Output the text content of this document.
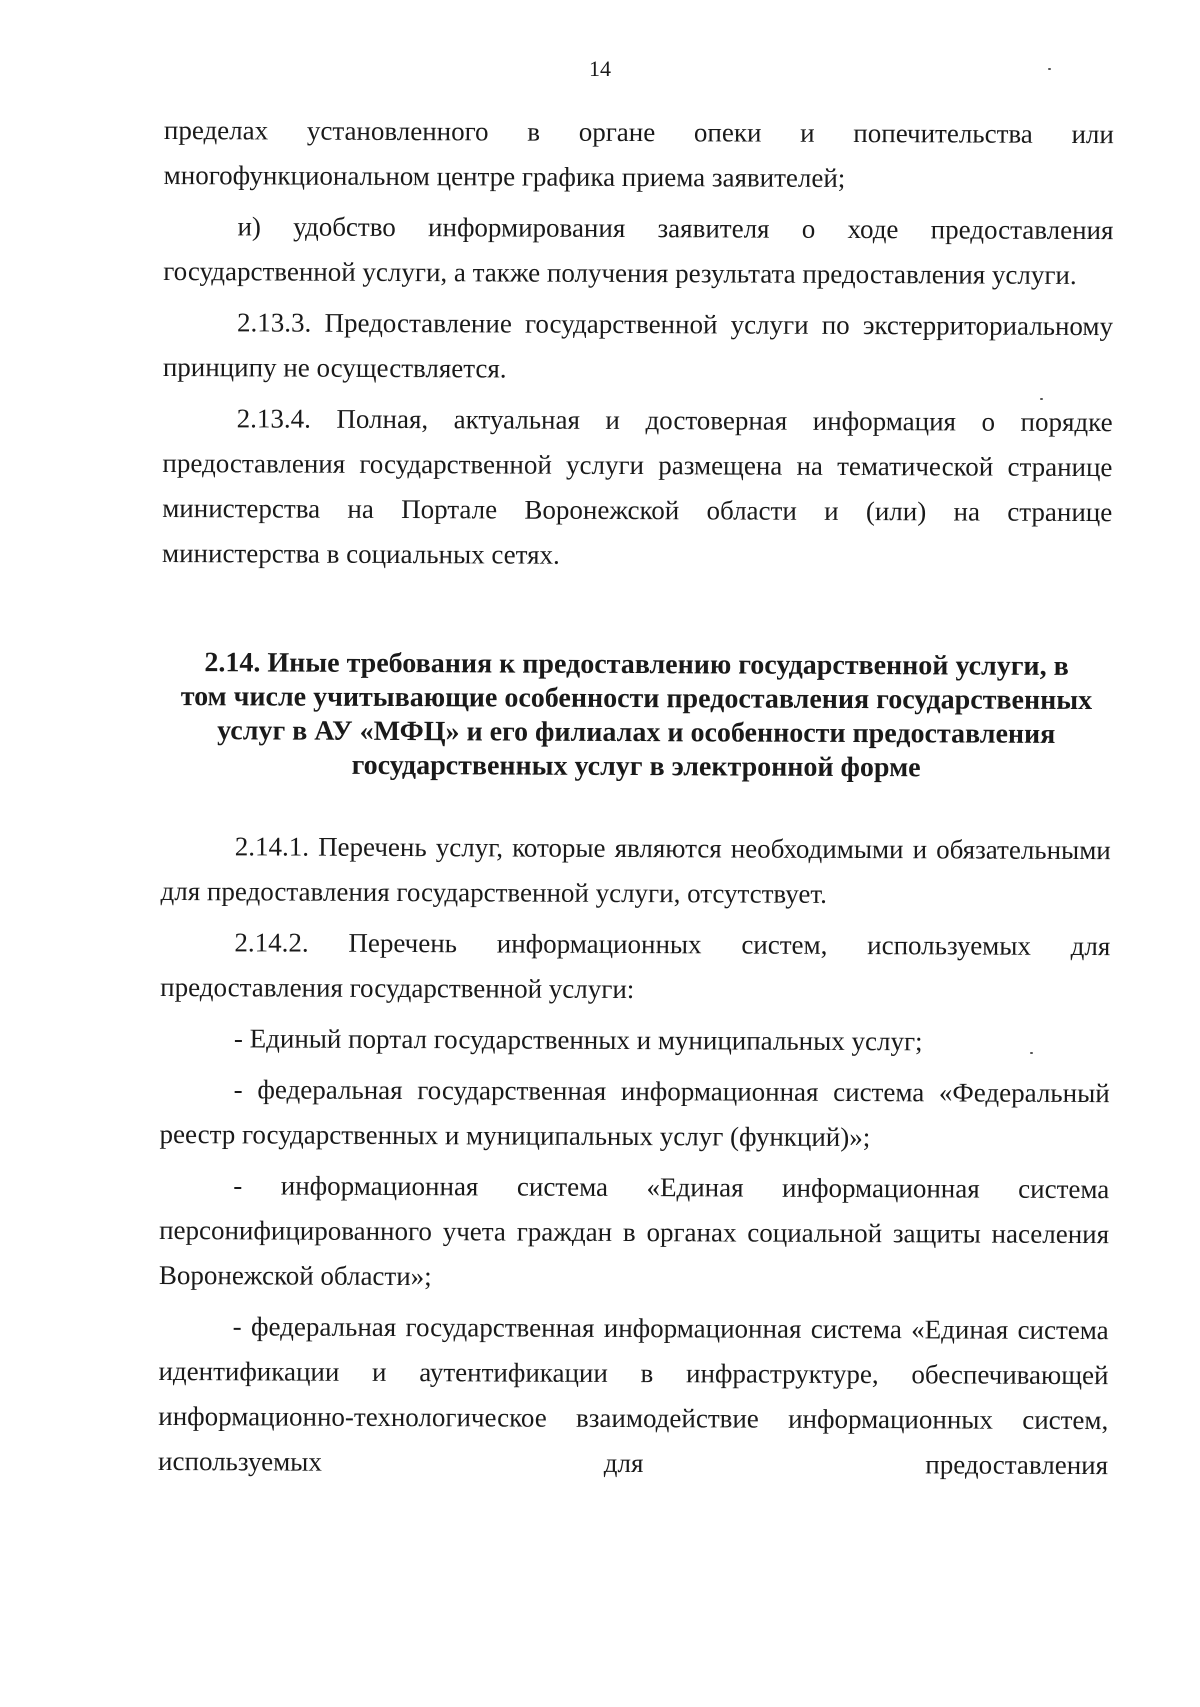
14

пределах установленного в органе опеки и попечительства или многофункциональном центре графика приема заявителей;

и) удобство информирования заявителя о ходе предоставления государственной услуги, а также получения результата предоставления услуги.

2.13.3. Предоставление государственной услуги по экстерриториальному принципу не осуществляется.

2.13.4. Полная, актуальная и достоверная информация о порядке предоставления государственной услуги размещена на тематической странице министерства на Портале Воронежской области и (или) на странице министерства в социальных сетях.

2.14. Иные требования к предоставлению государственной услуги, в
том числе учитывающие особенности предоставления государственных
услуг в АУ «МФЦ» и его филиалах и особенности предоставления
государственных услуг в электронной форме

2.14.1. Перечень услуг, которые являются необходимыми и обязательными для предоставления государственной услуги, отсутствует.

2.14.2. Перечень информационных систем, используемых для предоставления государственной услуги:

- Единый портал государственных и муниципальных услуг;

- федеральная государственная информационная система «Федеральный реестр государственных и муниципальных услуг (функций)»;

- информационная система «Единая информационная система персонифицированного учета граждан в органах социальной защиты населения Воронежской области»;

- федеральная государственная информационная система «Единая система идентификации и аутентификации в инфраструктуре, обеспечивающей информационно-технологическое взаимодействие информационных систем, используемых для предоставления
